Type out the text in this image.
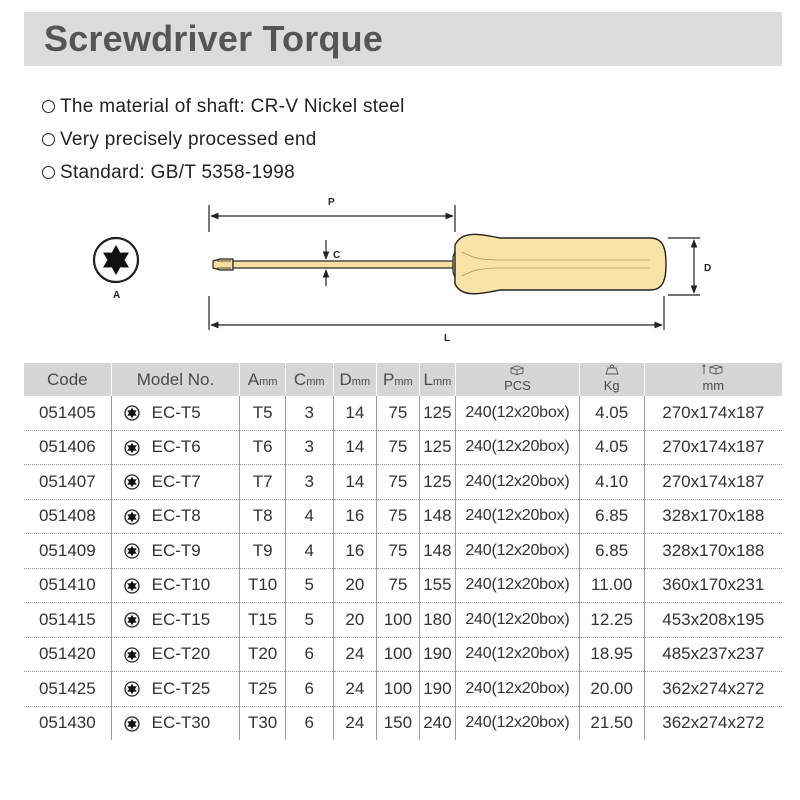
Screwdriver Torque
The material of shaft: CR-V Nickel steel
Very precisely processed end
Standard: GB/T 5358-1998
A
P
C
D
L
Code	Model No.	Amm	Cmm	Dmm	Pmm	Lmm	PCS	Kg	mm
051405	EC-T5	T5	3	14	75	125	240(12x20box)	4.05	270x174x187
051406	EC-T6	T6	3	14	75	125	240(12x20box)	4.05	270x174x187
051407	EC-T7	T7	3	14	75	125	240(12x20box)	4.10	270x174x187
051408	EC-T8	T8	4	16	75	148	240(12x20box)	6.85	328x170x188
051409	EC-T9	T9	4	16	75	148	240(12x20box)	6.85	328x170x188
051410	EC-T10	T10	5	20	75	155	240(12x20box)	11.00	360x170x231
051415	EC-T15	T15	5	20	100	180	240(12x20box)	12.25	453x208x195
051420	EC-T20	T20	6	24	100	190	240(12x20box)	18.95	485x237x237
051425	EC-T25	T25	6	24	100	190	240(12x20box)	20.00	362x274x272
051430	EC-T30	T30	6	24	150	240	240(12x20box)	21.50	362x274x272
